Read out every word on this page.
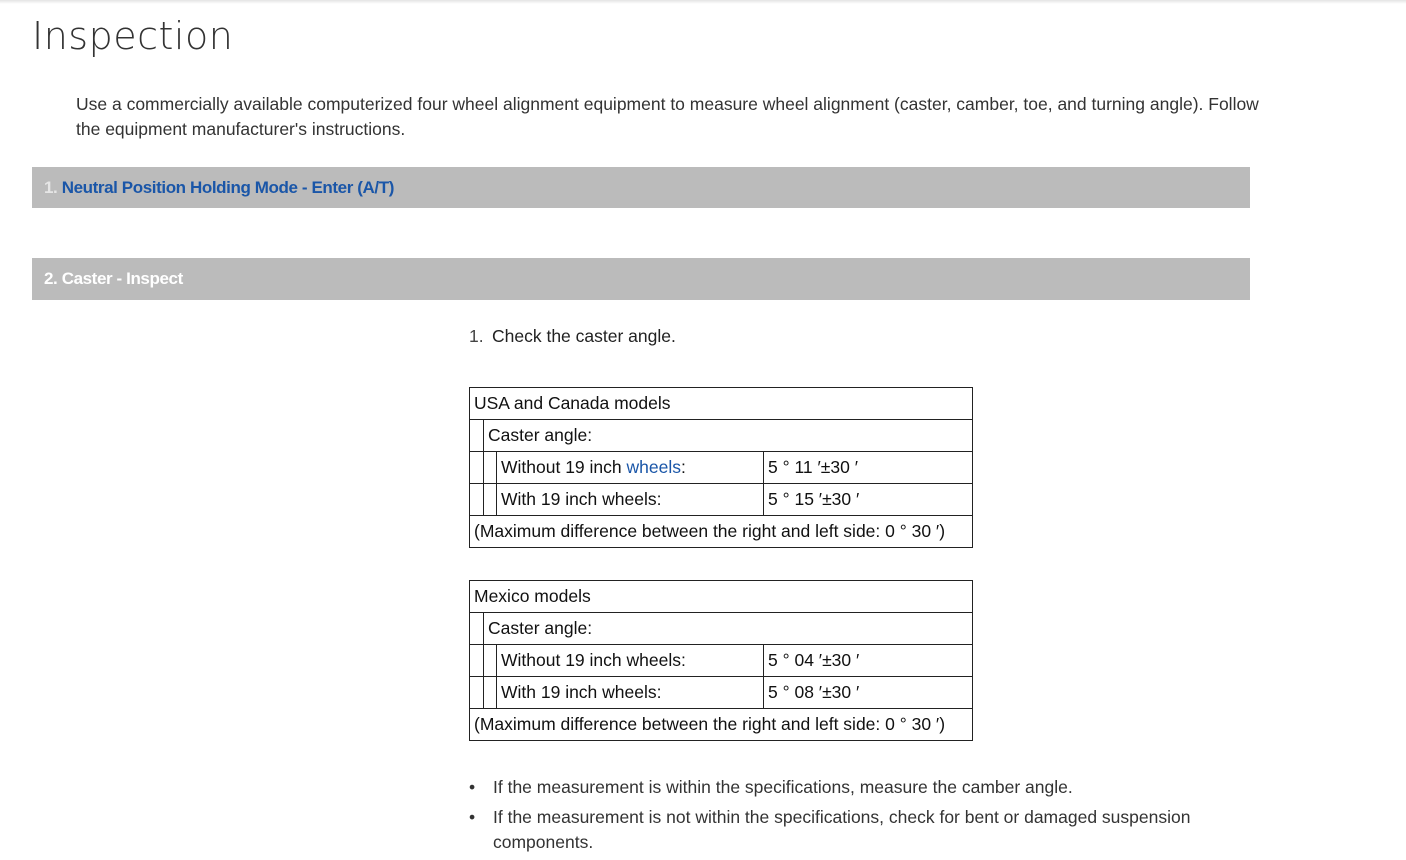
Inspection
Use a commercially available computerized four wheel alignment equipment to measure wheel alignment (caster, camber, toe, and turning angle). Follow the equipment manufacturer's instructions.
1. Neutral Position Holding Mode - Enter (A/T)
2. Caster - Inspect
1. Check the caster angle.
USA and Canada models			
	Caster angle:		
		Without 19 inch wheels:	5 ° 11 ′±30 ′
		With 19 inch wheels:	5 ° 15 ′±30 ′
(Maximum difference between the right and left side: 0 ° 30 ′)			
Mexico models			
	Caster angle:		
		Without 19 inch wheels:	5 ° 04 ′±30 ′
		With 19 inch wheels:	5 ° 08 ′±30 ′
(Maximum difference between the right and left side: 0 ° 30 ′)			
• If the measurement is within the specifications, measure the camber angle.
• If the measurement is not within the specifications, check for bent or damaged suspension components.
